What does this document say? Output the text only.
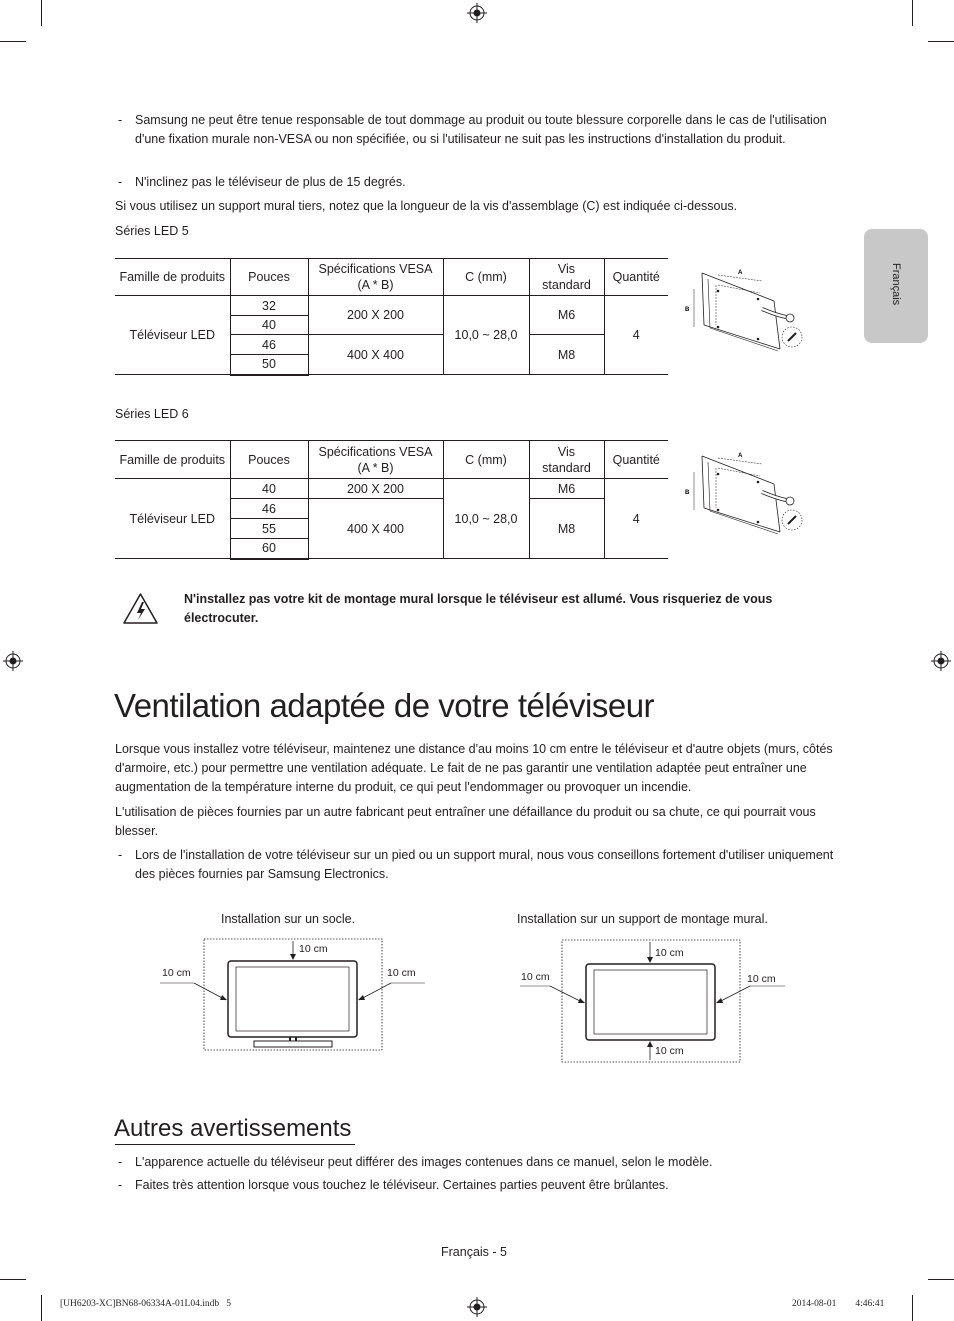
Français
- Samsung ne peut être tenue responsable de tout dommage au produit ou toute blessure corporelle dans le cas de l'utilisation d'une fixation murale non-VESA ou non spécifiée, ou si l'utilisateur ne suit pas les instructions d'installation du produit.
- N'inclinez pas le téléviseur de plus de 15 degrés.
Si vous utilisez un support mural tiers, notez que la longueur de la vis d'assemblage (C) est indiquée ci-dessous.
Séries LED 5
Famille de produits	Pouces	Spécifications VESA (A * B)	C (mm)	Vis standard	Quantité
Téléviseur LED	32	200 X 200	10,0 ~ 28,0	M6	4
	40				
	46	400 X 400		M8	
	50				
A
B
Séries LED 6
Famille de produits	Pouces	Spécifications VESA (A * B)	C (mm)	Vis standard	Quantité
Téléviseur LED	40	200 X 200	10,0 ~ 28,0	M6	4
	46	400 X 400		M8	
	55				
	60				
A
B
N'installez pas votre kit de montage mural lorsque le téléviseur est allumé. Vous risqueriez de vous électrocuter.
Ventilation adaptée de votre téléviseur
Lorsque vous installez votre téléviseur, maintenez une distance d'au moins 10 cm entre le téléviseur et d'autre objets (murs, côtés d'armoire, etc.) pour permettre une ventilation adéquate. Le fait de ne pas garantir une ventilation adaptée peut entraîner une augmentation de la température interne du produit, ce qui peut l'endommager ou provoquer un incendie.
L'utilisation de pièces fournies par un autre fabricant peut entraîner une défaillance du produit ou sa chute, ce qui pourrait vous blesser.
- Lors de l'installation de votre téléviseur sur un pied ou un support mural, nous vous conseillons fortement d'utiliser uniquement des pièces fournies par Samsung Electronics.
Installation sur un socle.	Installation sur un support de montage mural.
10 cm
10 cm	10 cm
10 cm
10 cm	10 cm
10 cm
Autres avertissements
- L'apparence actuelle du téléviseur peut différer des images contenues dans ce manuel, selon le modèle.
- Faites très attention lorsque vous touchez le téléviseur. Certaines parties peuvent être brûlantes.
Français - 5
[UH6203-XC]BN68-06334A-01L04.indb   5	2014-08-01     4:46:41
